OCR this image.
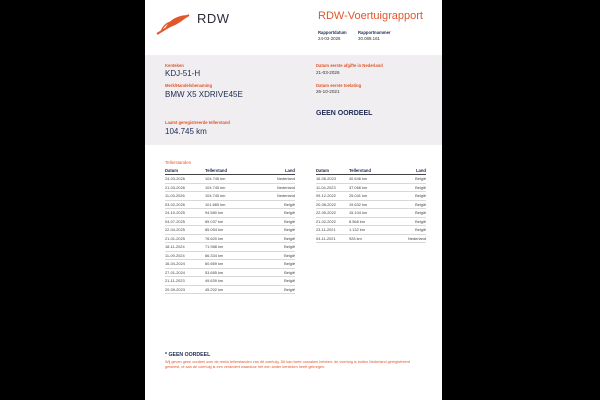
RDW	RDW-Voertuigrapport
Rapportdatum
24-03-2026
Rapportnummer
30.088.161
Kenteken
KDJ-51-H
Merk/Handelsbenaming
BMW X5 XDRIVE45E
Laatst geregistreerde tellerstand
104.745 km
Datum eerste afgifte in Nederland
21-03-2026
Datum eerste toelating
26-10-2021
GEEN OORDEEL
Tellerstanden
Datum	Tellerstand	Land
24-03-2026	104.745 km	Nederland
21-03-2026	104.745 km	Nederland
11-03-2026	104.745 km	Nederland
03-02-2026	101.669 km	België
24-10-2025	94.580 km	België
04-07-2025	89.037 km	België
22-04-2025	85.054 km	België
21-01-2025	76.620 km	België
18-11-2024	71.988 km	België
11-09-2024	66.334 km	België
16-04-2024	60.669 km	België
27-01-2024	53.685 km	België
21-11-2023	49.639 km	België
20-09-2023	45.202 km	België
Datum	Tellerstand	Land
16-06-2023	40.646 km	België
11-04-2023	37.066 km	België
09-12-2022	25.041 km	België
20-08-2022	19.632 km	België
22-05-2022	15.104 km	België
21-02-2022	8.568 km	België
23-11-2021	1.132 km	België
04-11-2021	928 km	Nederland
* GEEN OORDEEL
Wij geven geen oordeel over de reeks tellerstanden van dit voertuig. Dit kan twee oorzaken hebben: de voertuig is buiten Nederland geregistreerd geweest, of aan de voertuig is een verandert waardoor het een ander kenteken heeft gekregen.
